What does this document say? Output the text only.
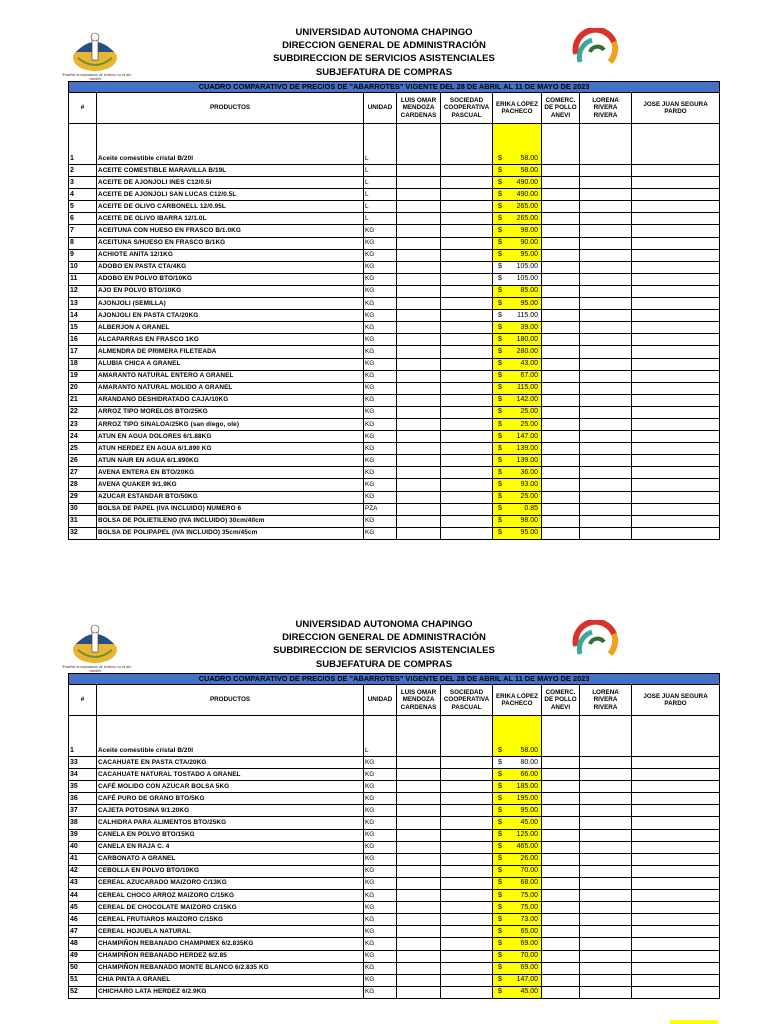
"Enseñar la explotación de la tierra, no la del hombre"
UNIVERSIDAD AUTONOMA CHAPINGO
DIRECCION GENERAL DE ADMINISTRACIÓN
SUBDIRECCION DE SERVICIOS ASISTENCIALES
SUBJEFATURA DE COMPRAS
CUADRO COMPARATIVO DE PRECIOS DE "ABARROTES" VIGENTE DEL 28 DE ABRIL AL 11 DE MAYO DE 2023								
#	PRODUCTOS	UNIDAD	LUIS OMAR MENDOZA CARDENAS	SOCIEDAD COOPERATIVA PASCUAL	ERIKA LOPEZ PACHECO	COMERC. DE POLLO ANEVI	LORENA RIVERA RIVERA	JOSE JUAN SEGURA PARDO
1	Aceite comestible cristal B/20l	L			$ 58.00			

2	ACEITE COMESTIBLE MARAVILLA B/19L	L			$ 58.00			

3	ACEITE DE AJONJOLI INES C12/0.5l	L			$ 490.00			

4	ACEITE DE AJONJOLI SAN LUCAS C12/0.5L	L			$ 490.00			

5	ACEITE DE OLIVO CARBONELL 12/0.95L	L			$ 265.00			

6	ACEITE DE OLIVO IBARRA 12/1.0L	L			$ 265.00			

7	ACEITUNA CON HUESO EN FRASCO B/1.0KG	KG			$ 98.00			

8	ACEITUNA S/HUESO EN FRASCO B/1KG	KG			$ 90.00			

9	ACHIOTE ANITA 12/1KG	KG			$ 95.00			

10	ADOBO EN PASTA CTA/4KG	KG			$ 105.00			

11	ADOBO EN POLVO BTO/10KG	KG			$ 105.00			

12	AJO EN POLVO BTO/10KG	KG			$ 85.00			

13	AJONJOLI (SEMILLA)	KG			$ 95.00			

14	AJONJOLI EN PASTA CTA/20KG	KG			$ 115.00			

15	ALBERJON A GRANEL	KG			$ 39.00			

16	ALCAPARRAS EN FRASCO 1KG	KG			$ 180.00			

17	ALMENDRA DE PRIMERA FILETEADA	KG			$ 280.00			

18	ALUBIA CHICA A GRANEL	KG			$ 43.00			

19	AMARANTO NATURAL ENTERO A GRANEL	KG			$ 67.00			

20	AMARANTO NATURAL MOLIDO A GRANEL	KG			$ 115.00			

21	ARANDANO DESHIDRATADO CAJA/10KG	KG			$ 142.00			

22	ARROZ TIPO MORELOS BTO/25KG	KG			$ 25.00			

23	ARROZ TIPO SINALOA/25KG (san diego, ole)	KG			$ 25.00			

24	ATUN EN AGUA DOLORES 6/1.88KG	KG			$ 147.00			

25	ATUN HERDEZ EN AGUA 6/1.890 KG	KG			$ 139.00			

26	ATUN NAIR EN AGUA 6/1.890KG	KG			$ 139.00			

27	AVENA ENTERA EN BTO/20KG	KG			$ 36.00			

28	AVENA QUAKER 9/1.9KG	KG			$ 93.00			

29	AZUCAR ESTANDAR BTO/50KG	KG			$ 25.00			

30	BOLSA DE PAPEL (IVA INCLUIDO) NUMERO 6	PZA			$ 0.85			

31	BOLSA DE POLIETILENO (IVA INCLUIDO) 30cm/40cm	KG			$ 98.00			

32	BOLSA DE POLIPAPEL (IVA INCLUIDO) 35cm/45cm	KG			$ 95.00			

"Enseñar la explotación de la tierra, no la del hombre"
UNIVERSIDAD AUTONOMA CHAPINGO
DIRECCION GENERAL DE ADMINISTRACIÓN
SUBDIRECCION DE SERVICIOS ASISTENCIALES
SUBJEFATURA DE COMPRAS
CUADRO COMPARATIVO DE PRECIOS DE "ABARROTES" VIGENTE DEL 28 DE ABRIL AL 11 DE MAYO DE 2023								
#	PRODUCTOS	UNIDAD	LUIS OMAR MENDOZA CARDENAS	SOCIEDAD COOPERATIVA PASCUAL	ERIKA LOPEZ PACHECO	COMERC. DE POLLO ANEVI	LORENA RIVERA RIVERA	JOSE JUAN SEGURA PARDO
1	Aceite comestible cristal B/20l	L			$ 58.00			

33	CACAHUATE EN PASTA CTA/20KG	KG			$ 80.00			

34	CACAHUATE NATURAL TOSTADO A GRANEL	KG			$ 66.00			

35	CAFÉ MOLIDO CON AZUCAR BOLSA 5KG	KG			$ 185.00			

36	CAFÉ PURO DE GRANO BTO/5KG	KG			$ 195.00			

37	CAJETA POTOSINA 9/1.20KG	KG			$ 95.00			

38	CALHIDRA PARA ALIMENTOS BTO/25KG	KG			$ 45.00			

39	CANELA EN POLVO BTO/15KG	KG			$ 125.00			

40	CANELA EN RAJA C. 4	KG			$ 465.00			

41	CARBONATO A GRANEL	KG			$ 26.00			

42	CEBOLLA EN POLVO BTO/10KG	KG			$ 70.00			

43	CEREAL AZUCARADO MAIZORO C/13KG	KG			$ 68.00			

44	CEREAL CHOCO ARROZ MAIZORO C/15KG	KG			$ 75.00			

45	CEREAL DE CHOCOLATE MAIZORO C/15KG	KG			$ 75.00			

46	CEREAL FRUTIAROS MAIZORO C/15KG	KG			$ 73.00			

47	CEREAL HOJUELA NATURAL	KG			$ 65.00			

48	CHAMPIÑON REBANADO CHAMPIMEX 6/2.835KG	KG			$ 69.00			

49	CHAMPIÑON REBANADO HERDEZ 6/2.85	KG			$ 70.00			

50	CHAMPIÑON REBANADO MONTE BLANCO 6/2.835 KG	KG			$ 69.00			

51	CHIA PINTA A GRANEL	KG			$ 147.00			

52	CHICHARO LATA HERDEZ 6/2.9KG	KG			$ 45.00			
